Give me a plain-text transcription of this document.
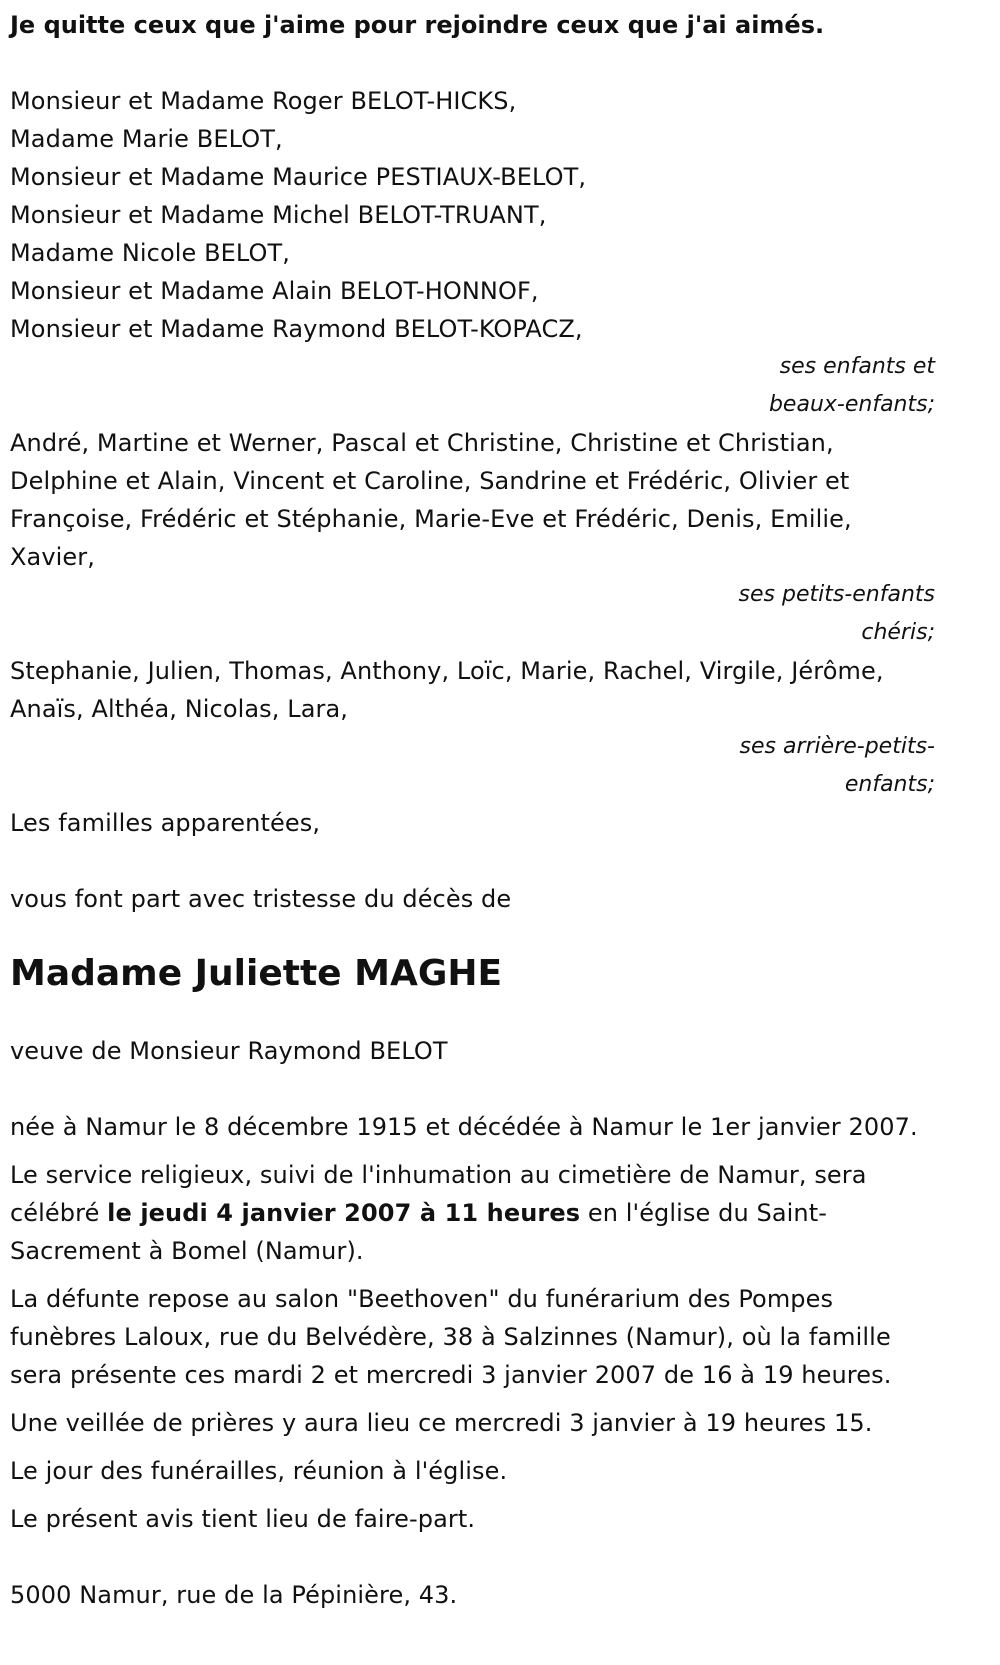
Je quitte ceux que j'aime pour rejoindre ceux que j'ai aimés.

Monsieur et Madame Roger BELOT-HICKS,

Madame Marie BELOT,

Monsieur et Madame Maurice PESTIAUX-BELOT,

Monsieur et Madame Michel BELOT-TRUANT,

Madame Nicole BELOT,

Monsieur et Madame Alain BELOT-HONNOF,

Monsieur et Madame Raymond BELOT-KOPACZ,

ses enfants et

beaux-enfants;

André, Martine et Werner, Pascal et Christine, Christine et Christian,

Delphine et Alain, Vincent et Caroline, Sandrine et Frédéric, Olivier et

Françoise, Frédéric et Stéphanie, Marie-Eve et Frédéric, Denis, Emilie,

Xavier,

ses petits-enfants

chéris;

Stephanie, Julien, Thomas, Anthony, Loïc, Marie, Rachel, Virgile, Jérôme,

Anaïs, Althéa, Nicolas, Lara,

ses arrière-petits-

enfants;

Les familles apparentées,

vous font part avec tristesse du décès de

Madame Juliette MAGHE

veuve de Monsieur Raymond BELOT

née à Namur le 8 décembre 1915 et décédée à Namur le 1er janvier 2007.

Le service religieux, suivi de l'inhumation au cimetière de Namur, sera

célébré le jeudi 4 janvier 2007 à 11 heures en l'église du Saint-

Sacrement à Bomel (Namur).

La défunte repose au salon "Beethoven" du funérarium des Pompes

funèbres Laloux, rue du Belvédère, 38 à Salzinnes (Namur), où la famille

sera présente ces mardi 2 et mercredi 3 janvier 2007 de 16 à 19 heures.

Une veillée de prières y aura lieu ce mercredi 3 janvier à 19 heures 15.

Le jour des funérailles, réunion à l'église.

Le présent avis tient lieu de faire-part.

5000 Namur, rue de la Pépinière, 43.
